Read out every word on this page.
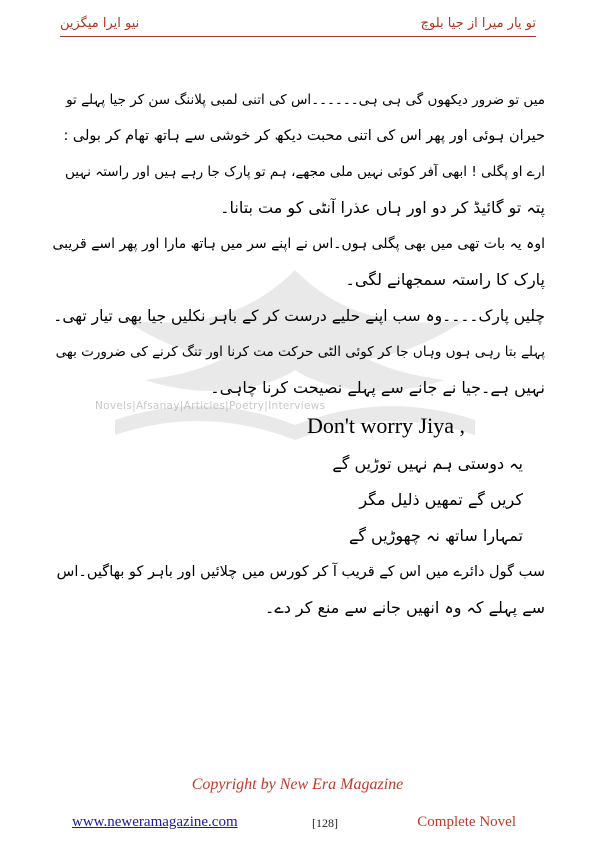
تو یار میرا از جیا بلوچ
نیو ایرا میگزین
Novels|Afsanay|Articles|Poetry|Interviews

میں تو ضرور دیکھوں گی ہی ہی۔۔۔۔۔۔اس کی اتنی لمبی پلاننگ سن کر جیا پہلے تو

حیران ہوئی اور پھر اس کی اتنی محبت دیکھ کر خوشی سے ہاتھ تھام کر بولی :

ارے او پگلی ! ابھی آفر کوئی نہیں ملی مجھے، ہم تو پارک جا رہے ہیں اور راستہ نہیں

پتہ تو گائیڈ کر دو اور ہاں عذرا آنٹی کو مت بتانا۔

اوہ یہ بات تھی میں بھی پگلی ہوں۔اس نے اپنے سر میں ہاتھ مارا اور پھر اسے قریبی

پارک کا راستہ سمجھانے لگی۔

چلیں پارک۔۔۔۔وہ سب اپنے حلیے درست کر کے باہر نکلیں جیا بھی تیار تھی۔

پہلے بتا رہی ہوں وہاں جا کر کوئی الٹی حرکت مت کرنا اور تنگ کرنے کی ضرورت بھی

نہیں ہے۔جیا نے جانے سے پہلے نصیحت کرنا چاہی۔

Don't worry Jiya ,

یہ دوستی ہم نہیں توڑیں گے

کریں گے تمھیں ذلیل مگر

تمہارا ساتھ نہ چھوڑیں گے

سب گول دائرے میں اس کے قریب آ کر کورس میں چلائیں اور باہر کو بھاگیں۔اس

سے پہلے کہ وہ انھیں جانے سے منع کر دے۔

Copyright by New Era Magazine
www.neweramagazine.com	[128]	Complete Novel
